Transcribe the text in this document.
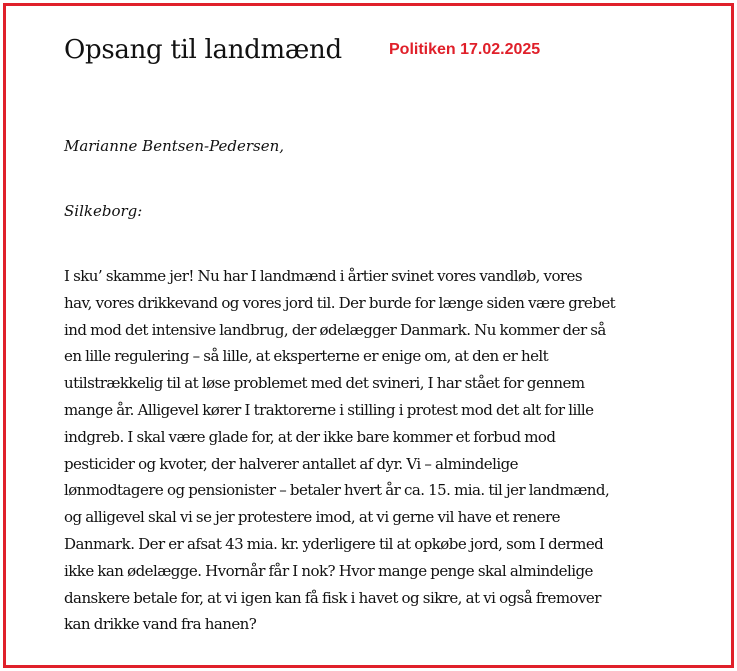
Opsang til landmænd	Politiken 17.02.2025

Marianne Bentsen-Pedersen,

Silkeborg:

I sku’ skamme jer! Nu har I landmænd i årtier svinet vores vandløb, vores
hav, vores drikkevand og vores jord til. Der burde for længe siden være grebet
ind mod det intensive landbrug, der ødelægger Danmark. Nu kommer der så
en lille regulering – så lille, at eksperterne er enige om, at den er helt
utilstrækkelig til at løse problemet med det svineri, I har stået for gennem
mange år. Alligevel kører I traktorerne i stilling i protest mod det alt for lille
indgreb. I skal være glade for, at der ikke bare kommer et forbud mod
pesticider og kvoter, der halverer antallet af dyr. Vi – almindelige
lønmodtagere og pensionister – betaler hvert år ca. 15. mia. til jer landmænd,
og alligevel skal vi se jer protestere imod, at vi gerne vil have et renere
Danmark. Der er afsat 43 mia. kr. yderligere til at opkøbe jord, som I dermed
ikke kan ødelægge. Hvornår får I nok? Hvor mange penge skal almindelige
danskere betale for, at vi igen kan få fisk i havet og sikre, at vi også fremover
kan drikke vand fra hanen?
